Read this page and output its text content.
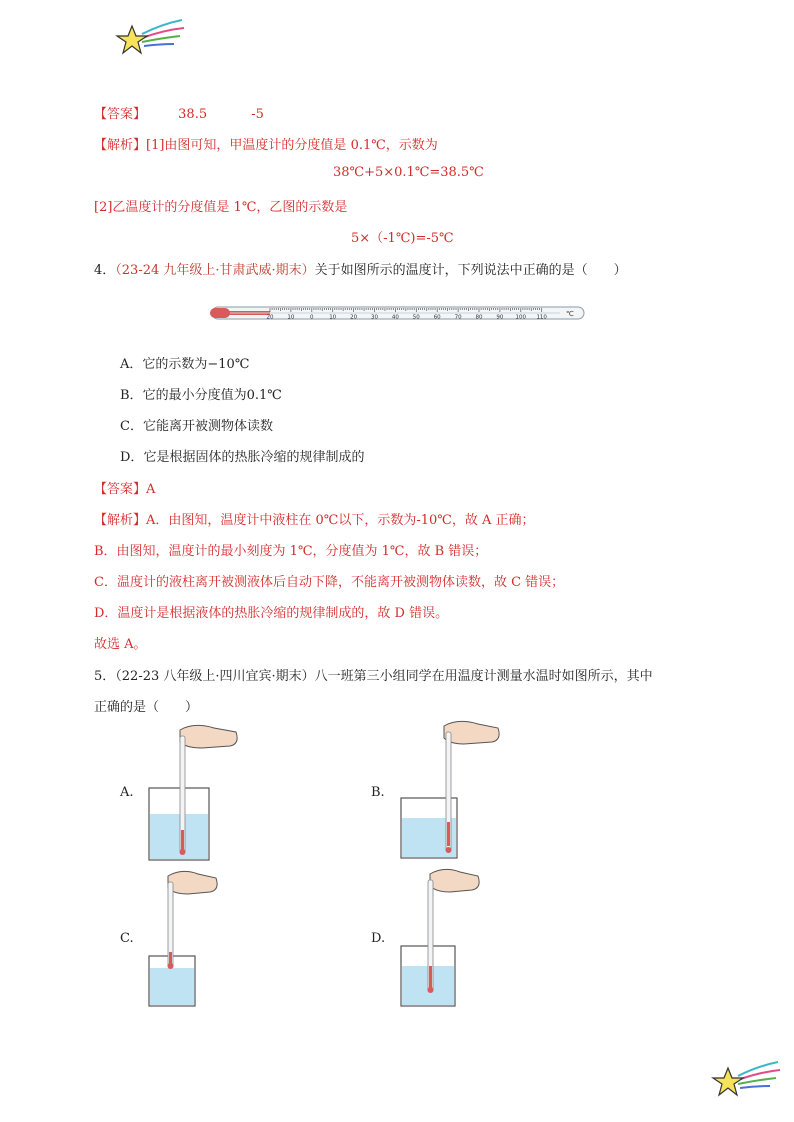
【答案】 38.5	-5
【解析】[1]由图可知，甲温度计的分度值是 0.1℃，示数为
38℃+5×0.1℃=38.5℃
[2]乙温度计的分度值是 1℃，乙图的示数是
5×（-1℃)=-5℃
4．（23-24 九年级上·甘肃武威·期末）关于如图所示的温度计，下列说法中正确的是（　　）
20	10	0	10	20	30	40	50	60	70	80	90 100 110	℃
A．它的示数为−10℃
B．它的最小分度值为0.1℃
C．它能离开被测物体读数
D．它是根据固体的热胀冷缩的规律制成的
【答案】A
【解析】A．由图知，温度计中液柱在 0℃以下，示数为-10℃，故 A 正确；
B．由图知，温度计的最小刻度为 1℃，分度值为 1℃，故 B 错误；
C．温度计的液柱离开被测液体后自动下降，不能离开被测物体读数，故 C 错误；
D．温度计是根据液体的热胀冷缩的规律制成的，故 D 错误。
故选 A。
5．（22-23 八年级上·四川宜宾·期末）八一班第三小组同学在用温度计测量水温时如图所示，其中
正确的是（　　）
A.	B.
C.	D.
